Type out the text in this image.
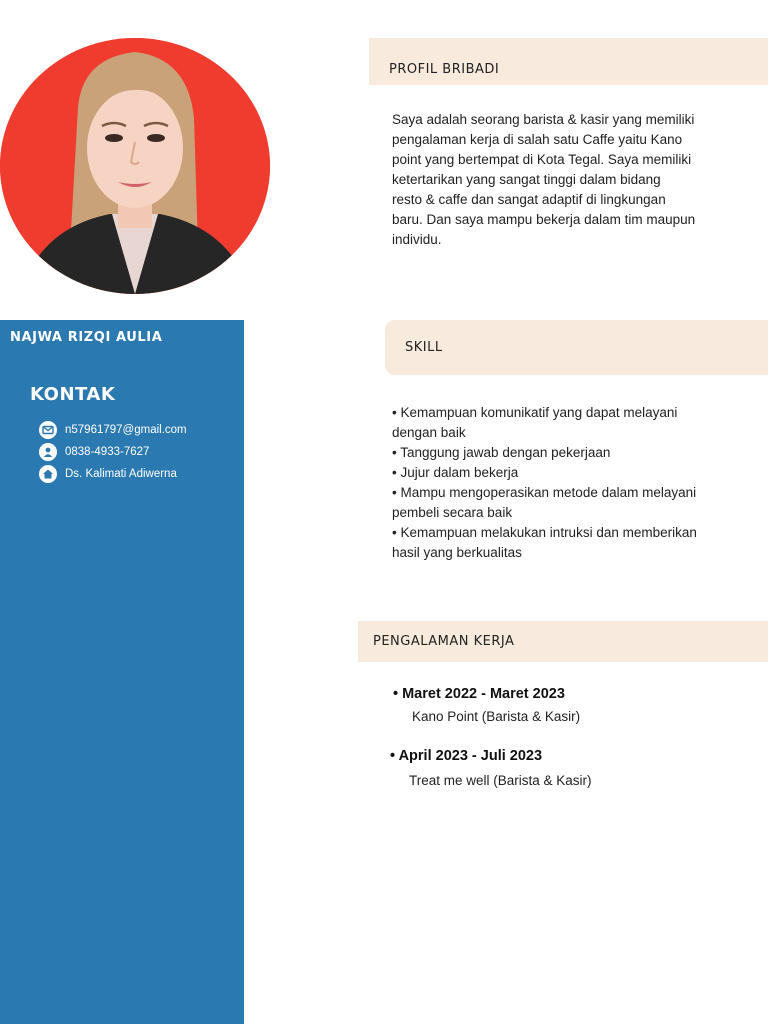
NAJWA RIZQI AULIA
KONTAK
n57961797@gmail.com
0838-4933-7627
Ds. Kalimati Adiwerna
PROFIL BRIBADI
Saya adalah seorang barista & kasir yang memiliki
pengalaman kerja di salah satu Caffe yaitu Kano
point yang bertempat di Kota Tegal. Saya memiliki
ketertarikan yang sangat tinggi dalam bidang
resto & caffe dan sangat adaptif di lingkungan
baru. Dan saya mampu bekerja dalam tim maupun
individu.
SKILL
• Kemampuan komunikatif yang dapat melayani
dengan baik
• Tanggung jawab dengan pekerjaan
• Jujur dalam bekerja
• Mampu mengoperasikan metode dalam melayani
pembeli secara baik
• Kemampuan melakukan intruksi dan memberikan
hasil yang berkualitas
PENGALAMAN KERJA
• Maret 2022 - Maret 2023
Kano Point (Barista & Kasir)
• April 2023 - Juli 2023
Treat me well (Barista & Kasir)
